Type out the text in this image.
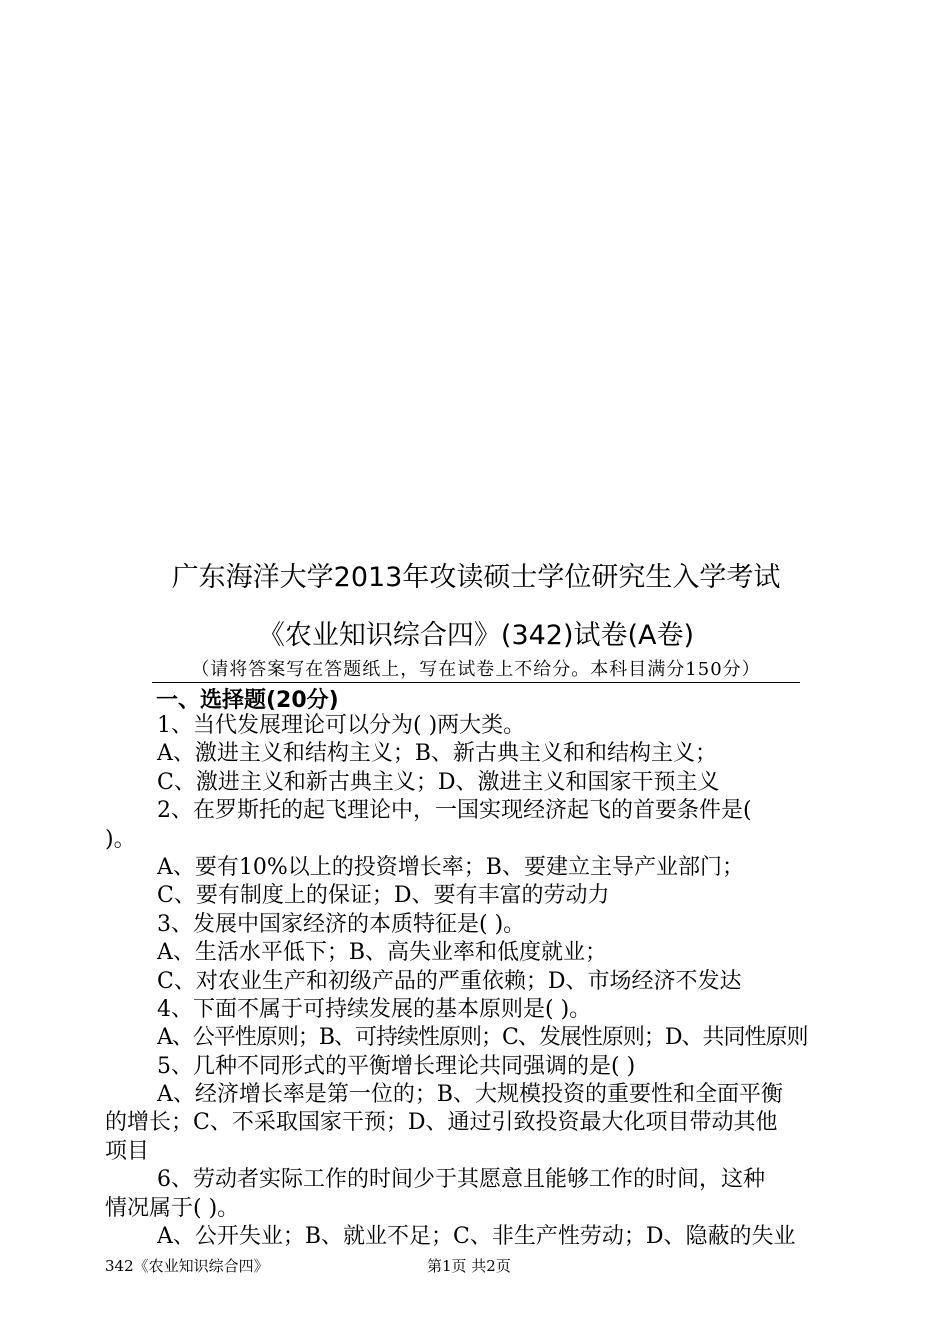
广东海洋大学2013年攻读硕士学位研究生入学考试
《农业知识综合四》(342)试卷(A卷)
（请将答案写在答题纸上，写在试卷上不给分。本科目满分150分）
一、选择题(20分)
1、当代发展理论可以分为( )两大类。
A、激进主义和结构主义；B、新古典主义和和结构主义；
C、激进主义和新古典主义；D、激进主义和国家干预主义
2、在罗斯托的起飞理论中，一国实现经济起飞的首要条件是(
)。
A、要有10%以上的投资增长率；B、要建立主导产业部门；
C、要有制度上的保证；D、要有丰富的劳动力
3、发展中国家经济的本质特征是( )。
A、生活水平低下；B、高失业率和低度就业；
C、对农业生产和初级产品的严重依赖；D、市场经济不发达
4、下面不属于可持续发展的基本原则是( )。
A、公平性原则；B、可持续性原则；C、发展性原则；D、共同性原则
5、几种不同形式的平衡增长理论共同强调的是( )
A、经济增长率是第一位的；B、大规模投资的重要性和全面平衡
的增长；C、不采取国家干预；D、通过引致投资最大化项目带动其他
项目
6、劳动者实际工作的时间少于其愿意且能够工作的时间，这种
情况属于( )。
A、公开失业；B、就业不足；C、非生产性劳动；D、隐蔽的失业
342《农业知识综合四》	第1页 共2页
